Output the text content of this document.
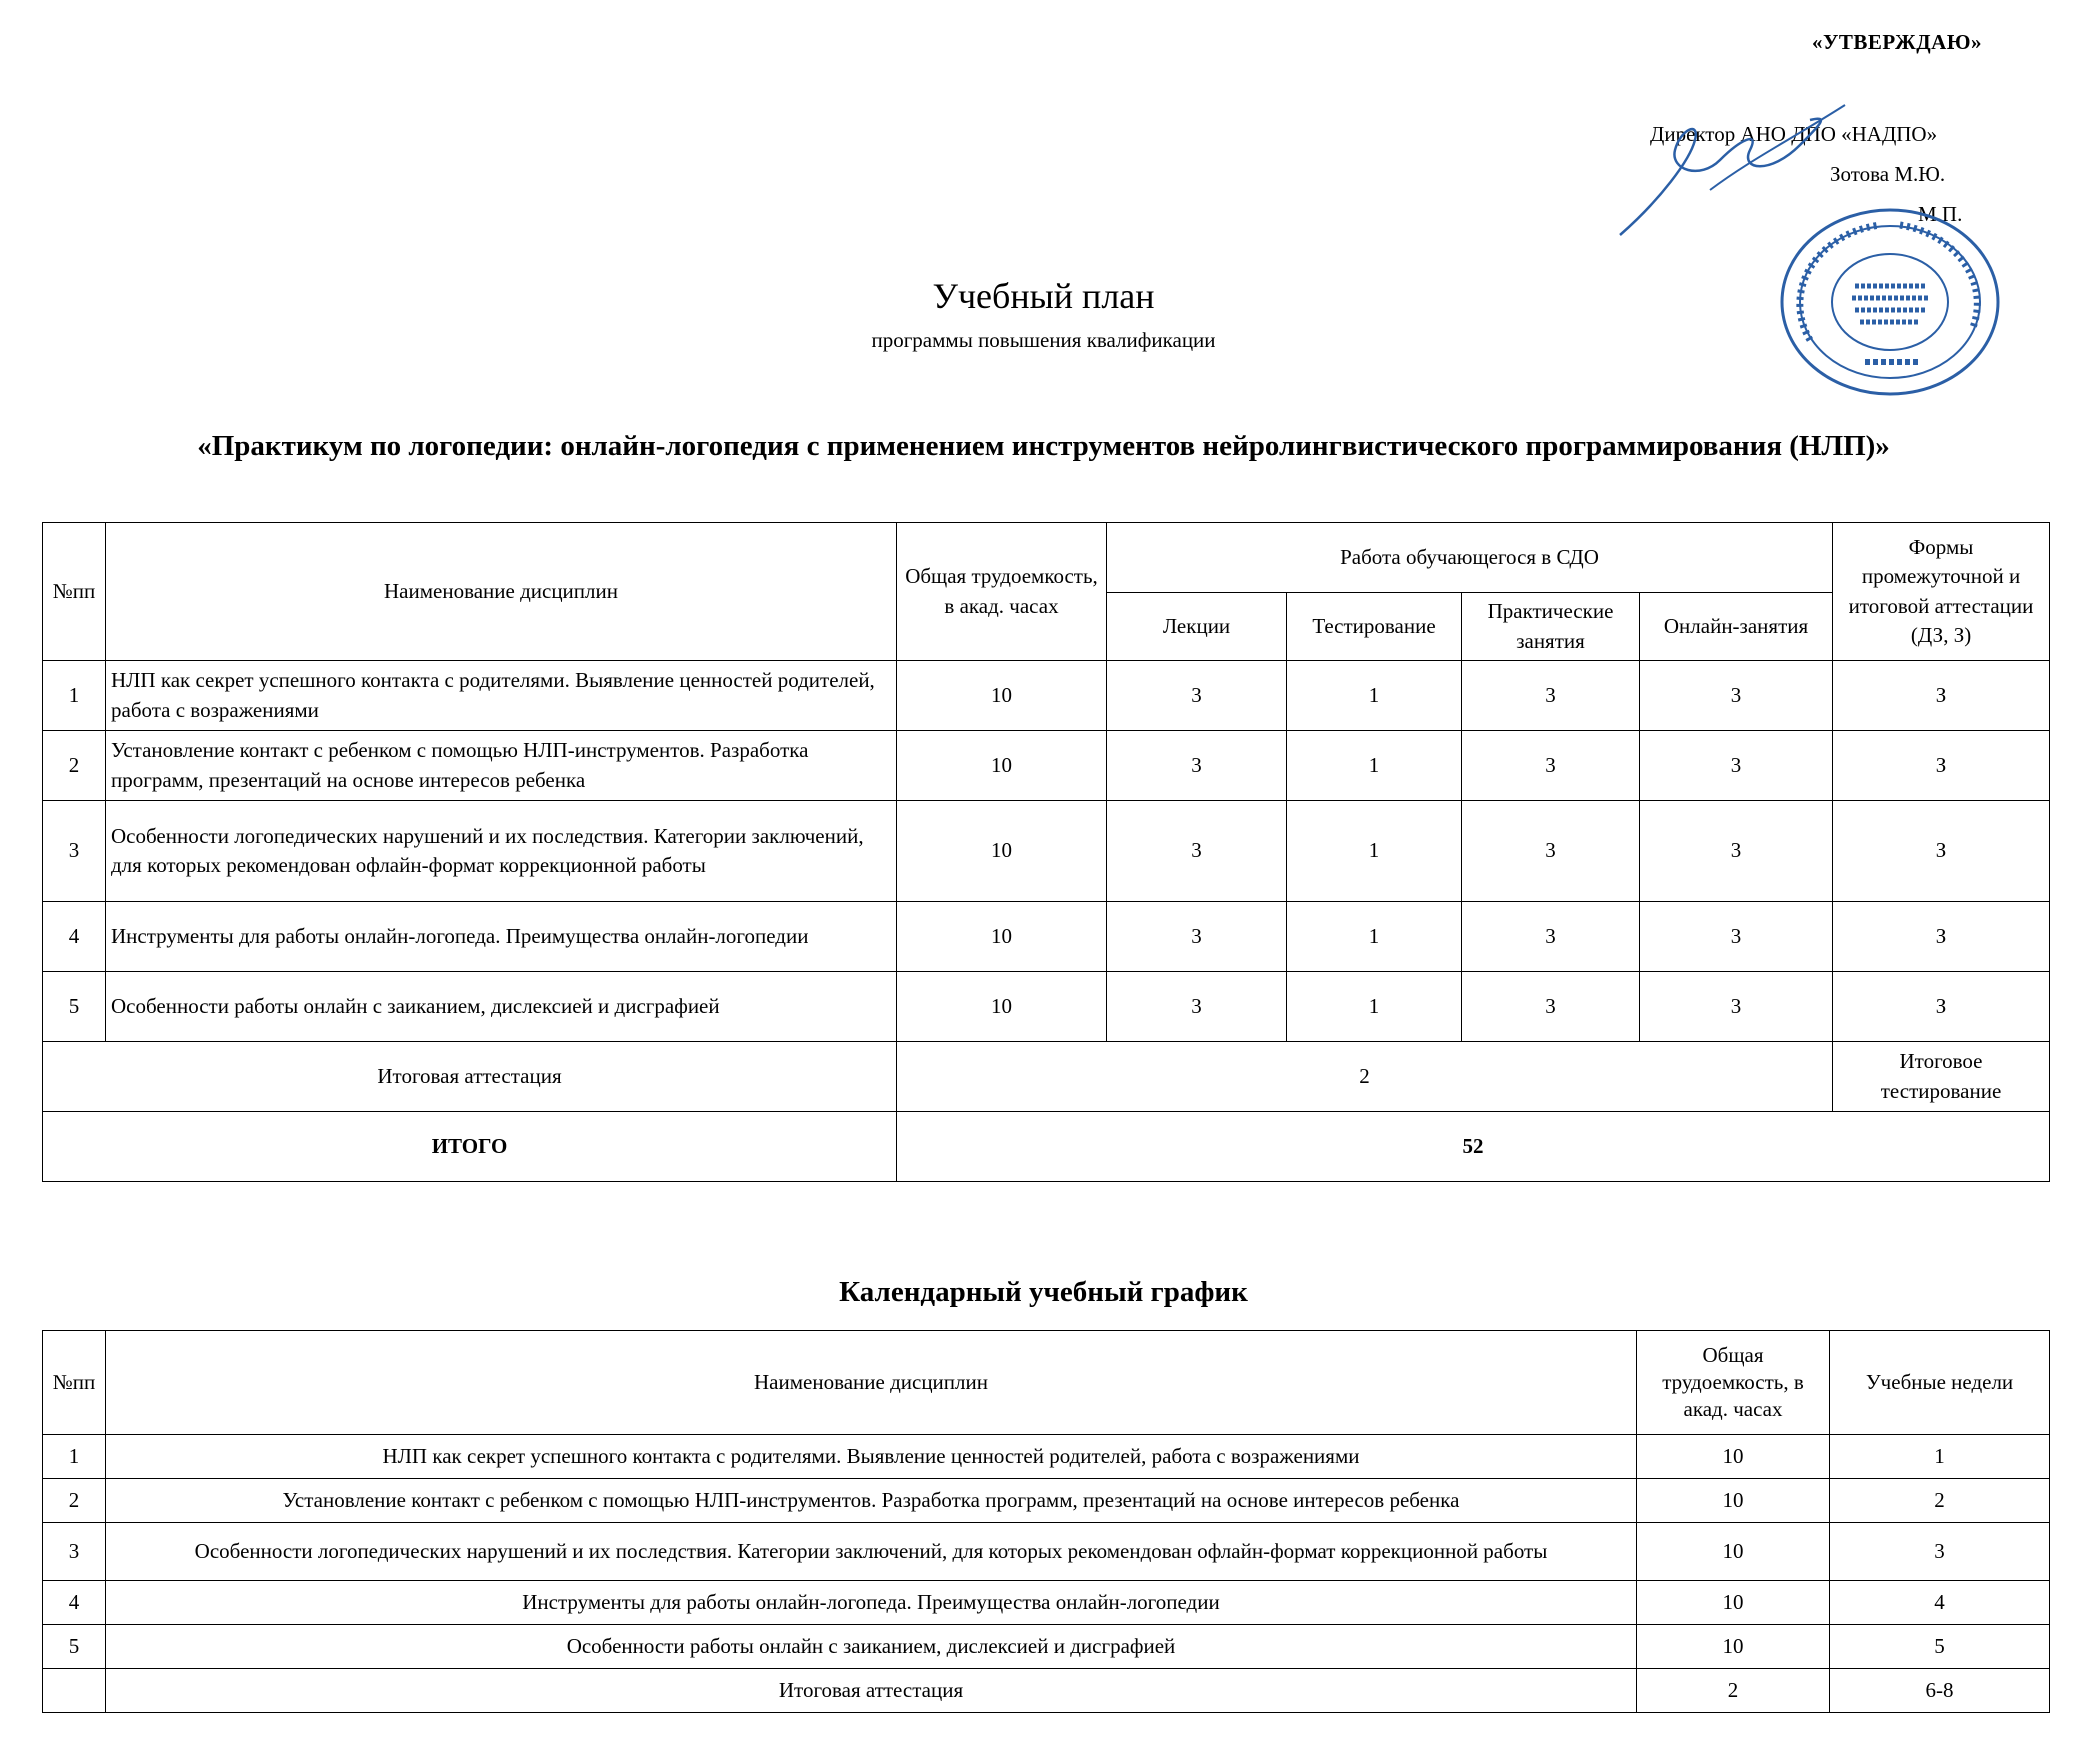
«УТВЕРЖДАЮ»
Директор АНО ДПО «НАДПО»
Зотова М.Ю.
М.П.
Учебный план
программы повышения квалификации
«Практикум по логопедии: онлайн-логопедия с применением инструментов нейролингвистического программирования (НЛП)»
№пп	Наименование дисциплин	Общая трудоемкость, в акад. часах	Работа обучающегося в СДО				Формы промежуточной и итоговой аттестации (ДЗ, З)
			Лекции	Тестирование	Практические занятия	Онлайн-занятия	
1	НЛП как секрет успешного контакта с родителями. Выявление ценностей родителей, работа с возражениями	10	3	1	3	3	З
2	Установление контакт с ребенком с помощью НЛП-инструментов. Разработка программ, презентаций на основе интересов ребенка	10	3	1	3	3	З
3	Особенности логопедических нарушений и их последствия. Категории заключений, для которых рекомендован офлайн-формат коррекционной работы	10	3	1	3	3	З
4	Инструменты для работы онлайн-логопеда. Преимущества онлайн-логопедии	10	3	1	3	3	З
5	Особенности работы онлайн с заиканием, дислексией и дисграфией	10	3	1	3	3	З
Итоговая аттестация		2					Итоговое тестирование
ИТОГО		52					
Календарный учебный график
№пп	Наименование дисциплин	Общая трудоемкость, в акад. часах	Учебные недели
1	НЛП как секрет успешного контакта с родителями. Выявление ценностей родителей, работа с возражениями	10	1
2	Установление контакт с ребенком с помощью НЛП-инструментов. Разработка программ, презентаций на основе интересов ребенка	10	2
3	Особенности логопедических нарушений и их последствия. Категории заключений, для которых рекомендован офлайн-формат коррекционной работы	10	3
4	Инструменты для работы онлайн-логопеда. Преимущества онлайн-логопедии	10	4
5	Особенности работы онлайн с заиканием, дислексией и дисграфией	10	5
	Итоговая аттестация	2	6-8
